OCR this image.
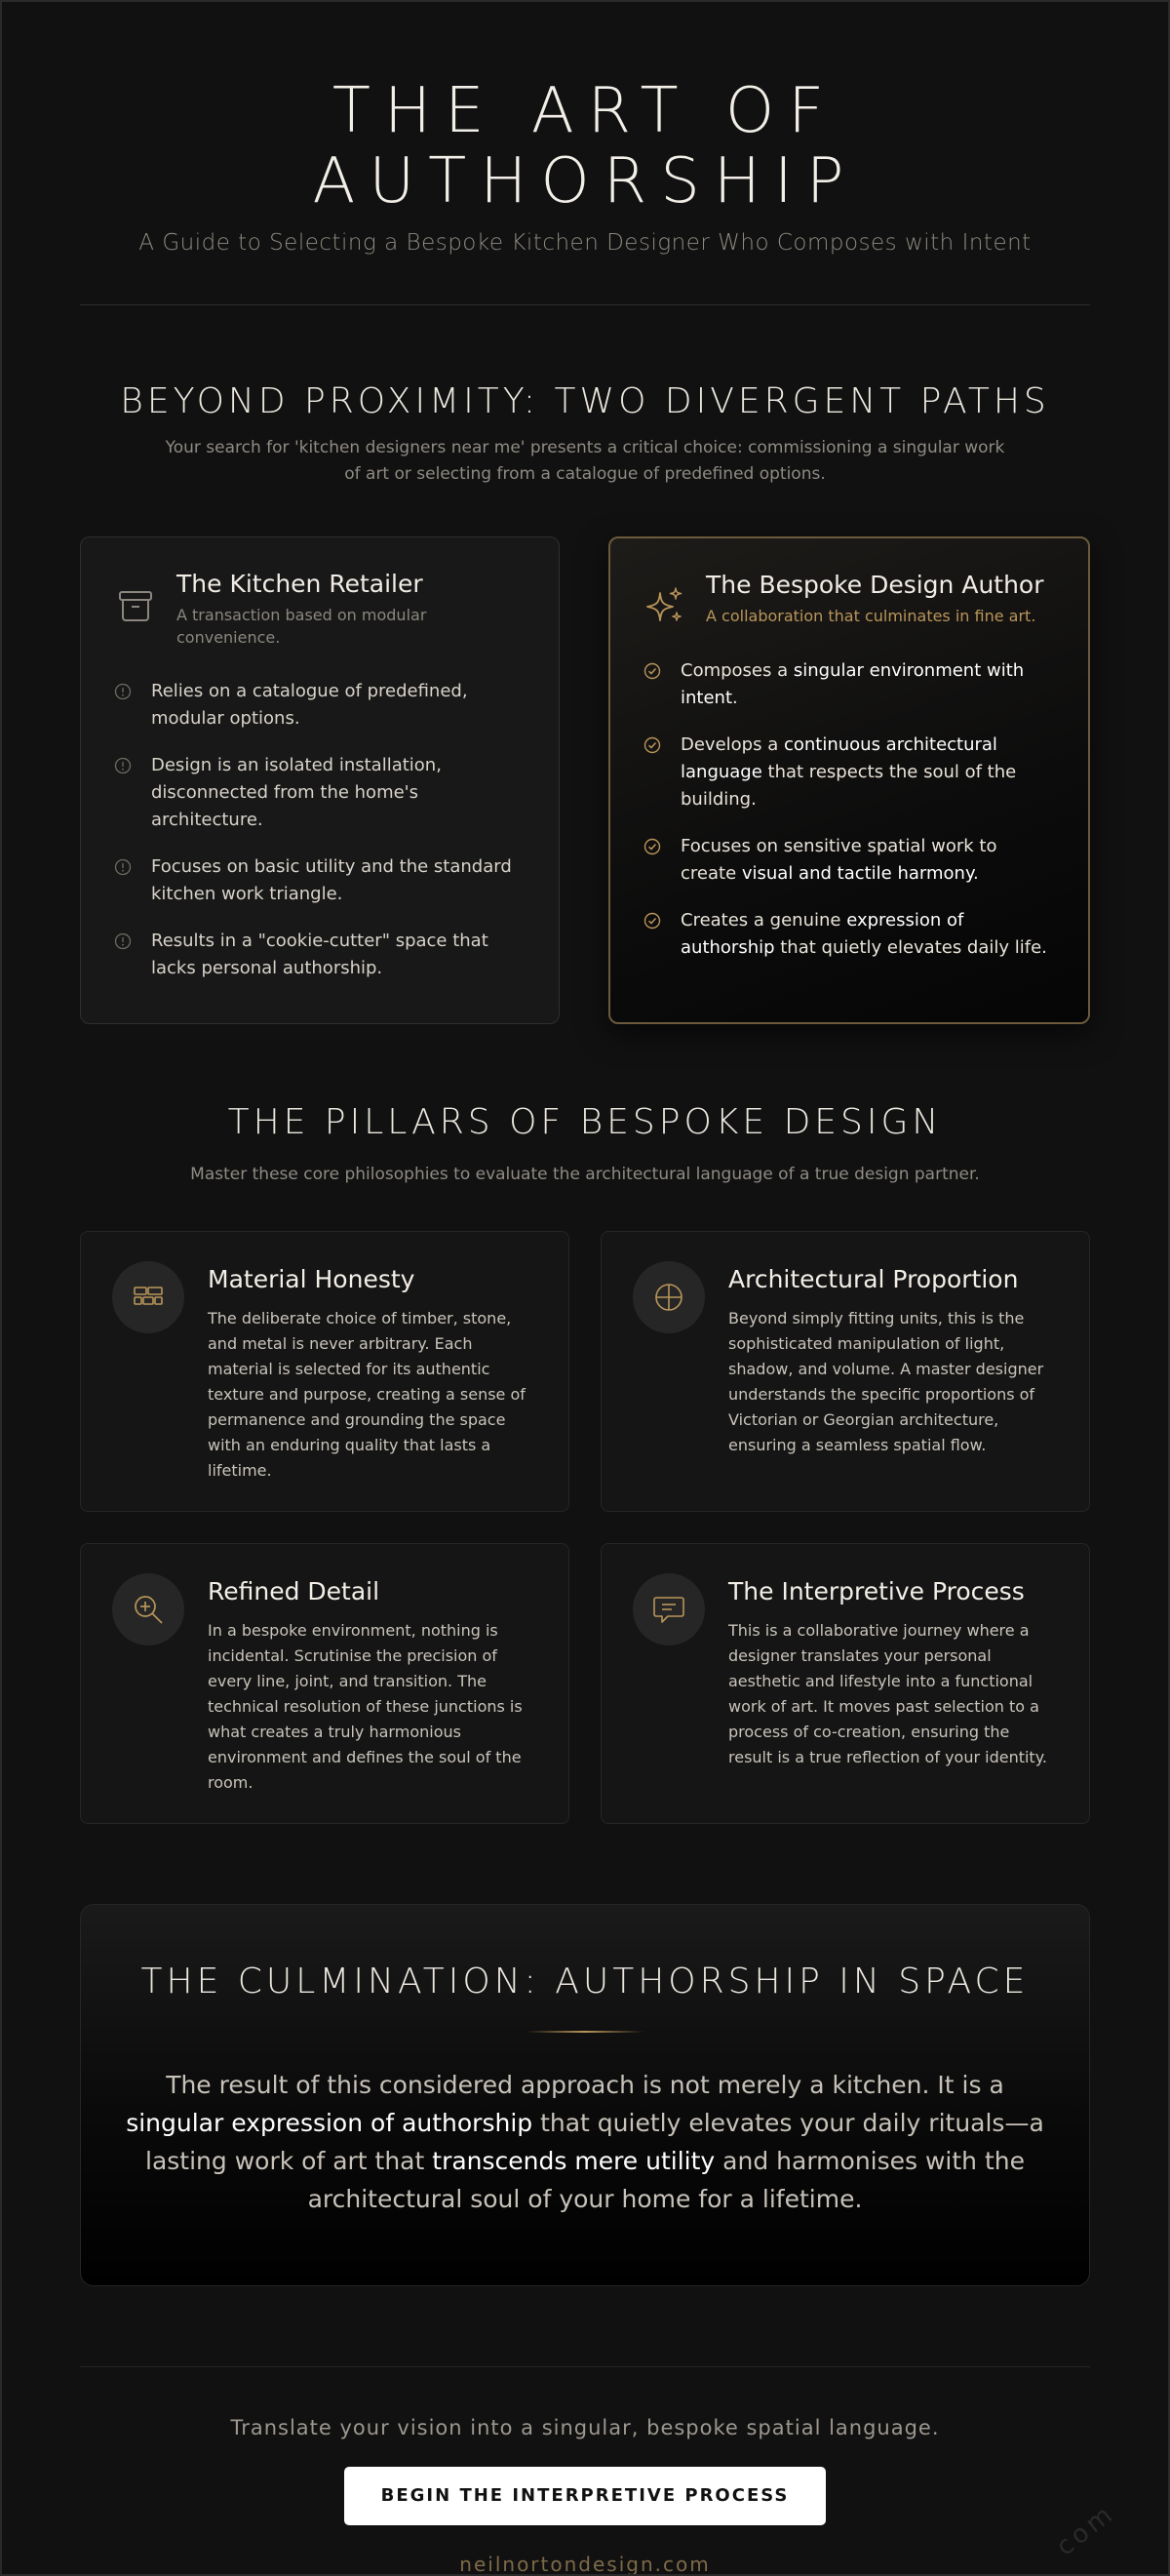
THE ART OF AUTHORSHIP
A Guide to Selecting a Bespoke Kitchen Designer Who Composes with Intent
BEYOND PROXIMITY: TWO DIVERGENT PATHS

Your search for 'kitchen designers near me' presents a critical choice: commissioning a singular work of art or selecting from a catalogue of predefined options.

The Kitchen Retailer
A transaction based on modular convenience.
Relies on a catalogue of predefined, modular options.
Design is an isolated installation, disconnected from the home's architecture.
Focuses on basic utility and the standard kitchen work triangle.
Results in a "cookie-cutter" space that lacks personal authorship.
The Bespoke Design Author
A collaboration that culminates in fine art.
Composes a singular environment with intent.
Develops a continuous architectural language that respects the soul of the building.
Focuses on sensitive spatial work to create visual and tactile harmony.
Creates a genuine expression of authorship that quietly elevates daily life.
THE PILLARS OF BESPOKE DESIGN

Master these core philosophies to evaluate the architectural language of a true design partner.

Material Honesty

The deliberate choice of timber, stone, and metal is never arbitrary. Each material is selected for its authentic texture and purpose, creating a sense of permanence and grounding the space with an enduring quality that lasts a lifetime.

Architectural Proportion

Beyond simply fitting units, this is the sophisticated manipulation of light, shadow, and volume. A master designer understands the specific proportions of Victorian or Georgian architecture, ensuring a seamless spatial flow.

Refined Detail

In a bespoke environment, nothing is incidental. Scrutinise the precision of every line, joint, and transition. The technical resolution of these junctions is what creates a truly harmonious environment and defines the soul of the room.

The Interpretive Process

This is a collaborative journey where a designer translates your personal aesthetic and lifestyle into a functional work of art. It moves past selection to a process of co-creation, ensuring the result is a true reflection of your identity.

THE CULMINATION: AUTHORSHIP IN SPACE

The result of this considered approach is not merely a kitchen. It is a singular expression of authorship that quietly elevates your daily rituals—a lasting work of art that transcends mere utility and harmonises with the architectural soul of your home for a lifetime.

Translate your vision into a singular, bespoke spatial language.
BEGIN THE INTERPRETIVE PROCESS
neilnortondesign.com
com
